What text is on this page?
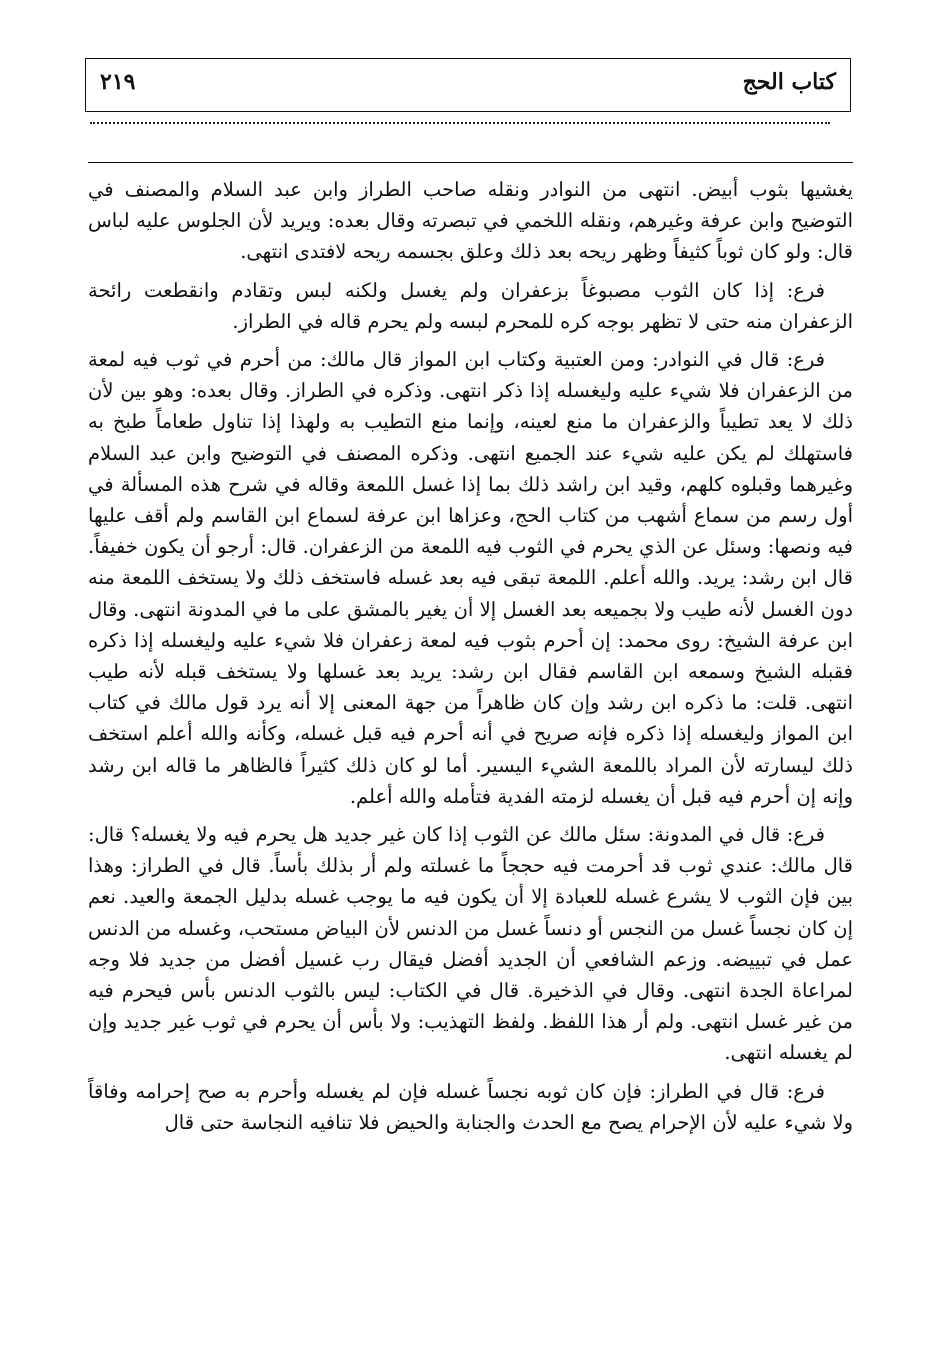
كتاب الحج
٢١٩

يغشيها بثوب أبيض. انتهى من النوادر ونقله صاحب الطراز وابن عبد السلام والمصنف في التوضيح وابن عرفة وغيرهم، ونقله اللخمي في تبصرته وقال بعده: ويريد لأن الجلوس عليه لباس قال: ولو كان ثوباً كثيفاً وظهر ريحه بعد ذلك وعلق بجسمه ريحه لافتدى انتهى.

فرع: إذا كان الثوب مصبوغاً بزعفران ولم يغسل ولكنه لبس وتقادم وانقطعت رائحة الزعفران منه حتى لا تظهر بوجه كره للمحرم لبسه ولم يحرم قاله في الطراز.

فرع: قال في النوادر: ومن العتبية وكتاب ابن المواز قال مالك: من أحرم في ثوب فيه لمعة من الزعفران فلا شيء عليه وليغسله إذا ذكر انتهى. وذكره في الطراز. وقال بعده: وهو بين لأن ذلك لا يعد تطيباً والزعفران ما منع لعينه، وإنما منع التطيب به ولهذا إذا تناول طعاماً طبخ به فاستهلك لم يكن عليه شيء عند الجميع انتهى. وذكره المصنف في التوضيح وابن عبد السلام وغيرهما وقبلوه كلهم، وقيد ابن راشد ذلك بما إذا غسل اللمعة وقاله في شرح هذه المسألة في أول رسم من سماع أشهب من كتاب الحج، وعزاها ابن عرفة لسماع ابن القاسم ولم أقف عليها فيه ونصها: وسئل عن الذي يحرم في الثوب فيه اللمعة من الزعفران. قال: أرجو أن يكون خفيفاً. قال ابن رشد: يريد. والله أعلم. اللمعة تبقى فيه بعد غسله فاستخف ذلك ولا يستخف اللمعة منه دون الغسل لأنه طيب ولا بجميعه بعد الغسل إلا أن يغير بالمشق على ما في المدونة انتهى. وقال ابن عرفة الشيخ: روى محمد: إن أحرم بثوب فيه لمعة زعفران فلا شيء عليه وليغسله إذا ذكره فقبله الشيخ وسمعه ابن القاسم فقال ابن رشد: يريد بعد غسلها ولا يستخف قبله لأنه طيب انتهى. قلت: ما ذكره ابن رشد وإن كان ظاهراً من جهة المعنى إلا أنه يرد قول مالك في كتاب ابن المواز وليغسله إذا ذكره فإنه صريح في أنه أحرم فيه قبل غسله، وكأنه والله أعلم استخف ذلك ليسارته لأن المراد باللمعة الشيء اليسير. أما لو كان ذلك كثيراً فالظاهر ما قاله ابن رشد وإنه إن أحرم فيه قبل أن يغسله لزمته الفدية فتأمله والله أعلم.

فرع: قال في المدونة: سئل مالك عن الثوب إذا كان غير جديد هل يحرم فيه ولا يغسله؟ قال: قال مالك: عندي ثوب قد أحرمت فيه حججاً ما غسلته ولم أر بذلك بأساً. قال في الطراز: وهذا بين فإن الثوب لا يشرع غسله للعبادة إلا أن يكون فيه ما يوجب غسله بدليل الجمعة والعيد. نعم إن كان نجساً غسل من النجس أو دنساً غسل من الدنس لأن البياض مستحب، وغسله من الدنس عمل في تبييضه. وزعم الشافعي أن الجديد أفضل فيقال رب غسيل أفضل من جديد فلا وجه لمراعاة الجدة انتهى. وقال في الذخيرة. قال في الكتاب: ليس بالثوب الدنس بأس فيحرم فيه من غير غسل انتهى. ولم أر هذا اللفظ. ولفظ التهذيب: ولا بأس أن يحرم في ثوب غير جديد وإن لم يغسله انتهى.

فرع: قال في الطراز: فإن كان ثوبه نجساً غسله فإن لم يغسله وأحرم به صح إحرامه وفاقاً ولا شيء عليه لأن الإحرام يصح مع الحدث والجنابة والحيض فلا تنافيه النجاسة حتى قال
